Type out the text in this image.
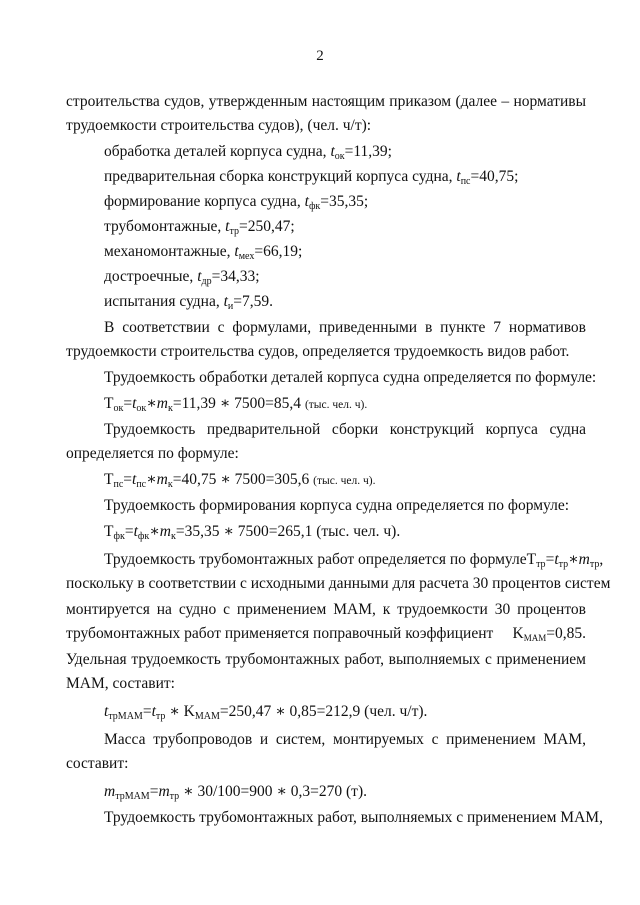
2
строительства судов, утвержденным настоящим приказом (далее – нормативы
трудоемкости строительства судов), (чел. ч/т):
обработка деталей корпуса судна, $t_{ок}=11,39$;
предварительная сборка конструкций корпуса судна, $t_{пс}=40,75$;
формирование корпуса судна, $t_{фк}=35,35$;
трубомонтажные, $t_{тр}=250,47$;
механомонтажные, $t_{мех}=66,19$;
достроечные, $t_{др}=34,33$;
испытания судна, $t_и=7,59$.
В соответствии с формулами, приведенными в пункте 7 нормативов
трудоемкости строительства судов, определяется трудоемкость видов работ.
Трудоемкость обработки деталей корпуса судна определяется по формуле:
$Т_{ок}=t_{ок}∗m_к=11,39$ ∗ 7500=85,4 (тыс. чел. ч).
Трудоемкость предварительной сборки конструкций корпуса судна
определяется по формуле:
$Т_{пс}=t_{пс}∗m_к=40,75$ ∗ 7500=305,6 (тыс. чел. ч).
Трудоемкость формирования корпуса судна определяется по формуле:
$Т_{фк}=t_{фк}∗m_к=35,35$ ∗ 7500=265,1 (тыс. чел. ч).
Трудоемкость трубомонтажных работ определяется по формуле $Т_{тр}=t_{тр}∗m_{тр}$,
поскольку в соответствии с исходными данными для расчета 30 процентов систем
монтируется на судно с применением МАМ, к трудоемкости 30 процентов
трубомонтажных работ применяется поправочный коэффициент $K_{МАМ}=0,85$.
Удельная трудоемкость трубомонтажных работ, выполняемых с применением
МАМ, составит:
$t_{трМАМ}=t_{тр}$ ∗ $K_{МАМ}=250,47$ ∗ 0,85=212,9 (чел. ч/т).
Масса трубопроводов и систем, монтируемых с применением МАМ,
составит:
$m_{трМАМ}=m_{тр}$ ∗ 30/100=900 ∗ 0,3=270 (т).
Трудоемкость трубомонтажных работ, выполняемых с применением МАМ,
